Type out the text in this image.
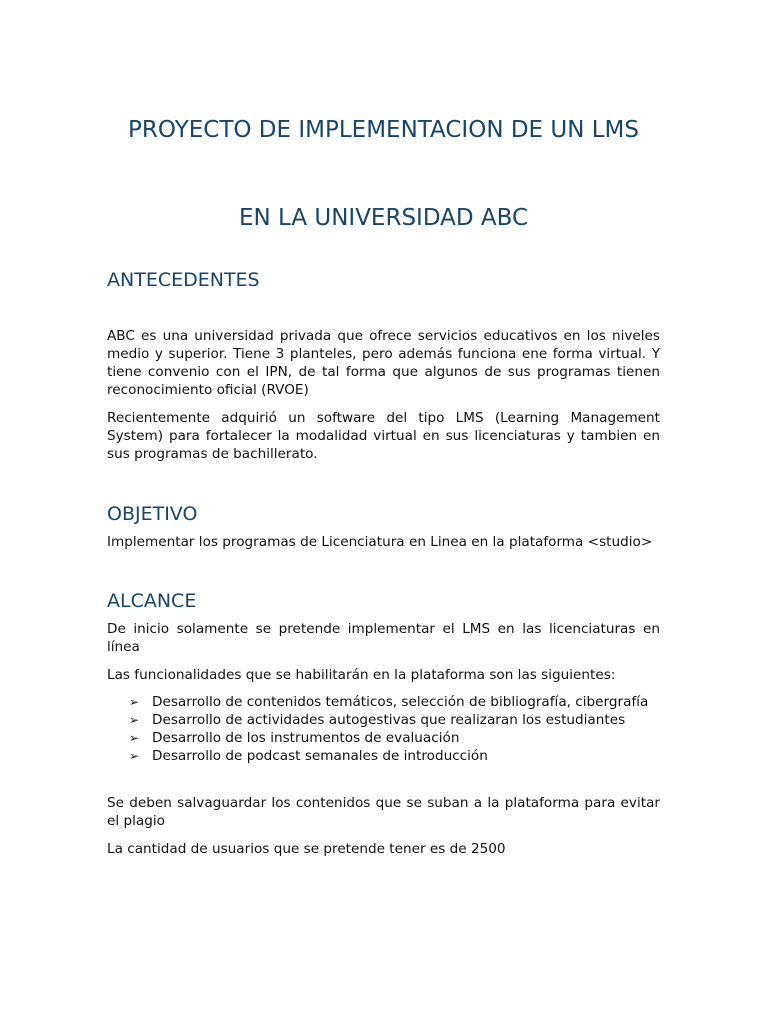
PROYECTO DE IMPLEMENTACION DE UN LMS
EN LA UNIVERSIDAD ABC
ANTECEDENTES

ABC es una universidad privada que ofrece servicios educativos en los niveles medio y superior. Tiene 3 planteles, pero además funciona ene forma virtual. Y tiene convenio con el IPN, de tal forma que algunos de sus programas tienen reconocimiento oficial (RVOE)

Recientemente adquirió un software del tipo LMS (Learning Management System) para fortalecer la modalidad virtual en sus licenciaturas y tambien en sus programas de bachillerato.

OBJETIVO

Implementar los programas de Licenciatura en Linea en la plataforma <studio>

ALCANCE

De inicio solamente se pretende implementar el LMS en las licenciaturas en línea

Las funcionalidades que se habilitarán en la plataforma son las siguientes:

➢ Desarrollo de contenidos temáticos, selección de bibliografía, cibergrafía
➢ Desarrollo de actividades autogestivas que realizaran los estudiantes
➢ Desarrollo de los instrumentos de evaluación
➢ Desarrollo de podcast semanales de introducción

Se deben salvaguardar los contenidos que se suban a la plataforma para evitar el plagio

La cantidad de usuarios que se pretende tener es de 2500
